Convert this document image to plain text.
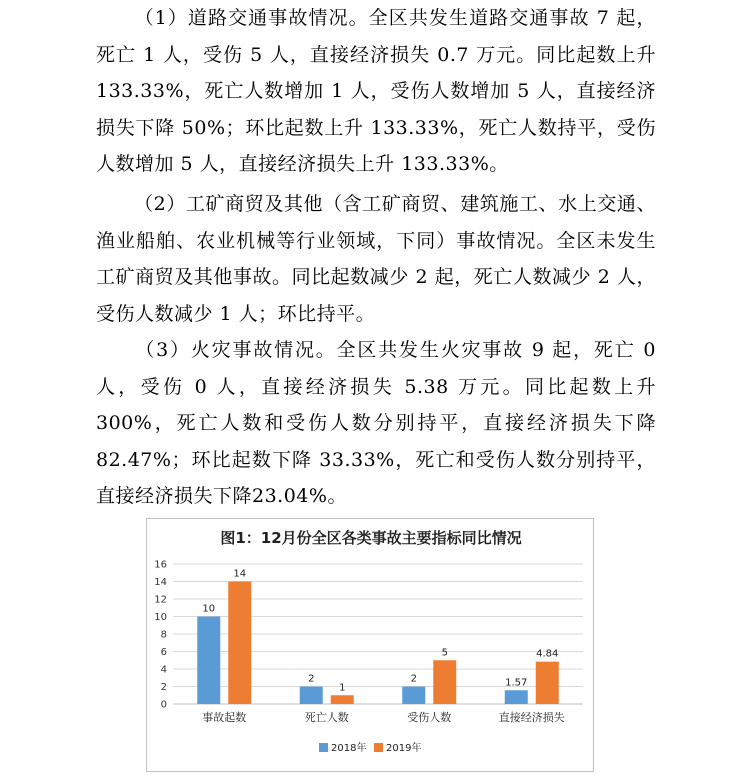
（1）道路交通事故情况。全区共发生道路交通事故 7 起，死亡 1 人，受伤 5 人，直接经济损失 0.7 万元。同比起数上升 133.33%，死亡人数增加 1 人，受伤人数增加 5 人，直接经济损失下降 50%；环比起数上升 133.33%，死亡人数持平，受伤人数增加 5 人，直接经济损失上升 133.33%。

（2）工矿商贸及其他（含工矿商贸、建筑施工、水上交通、渔业船舶、农业机械等行业领域，下同）事故情况。全区未发生工矿商贸及其他事故。同比起数减少 2 起，死亡人数减少 2 人，受伤人数减少 1 人；环比持平。

（3）火灾事故情况。全区共发生火灾事故 9 起，死亡 0 人，受伤 0 人，直接经济损失 5.38 万元。同比起数上升 300%，死亡人数和受伤人数分别持平，直接经济损失下降 82.47%；环比起数下降 33.33%，死亡和受伤人数分别持平，直接经济损失下降23.04%。

图1：12月份全区各类事故主要指标同比情况
0
2
4
6
8
10
12
14
16
10
14
事故起数
2
1
死亡人数
2
5
受伤人数
1.57
4.84
直接经济损失
2018年 2019年
